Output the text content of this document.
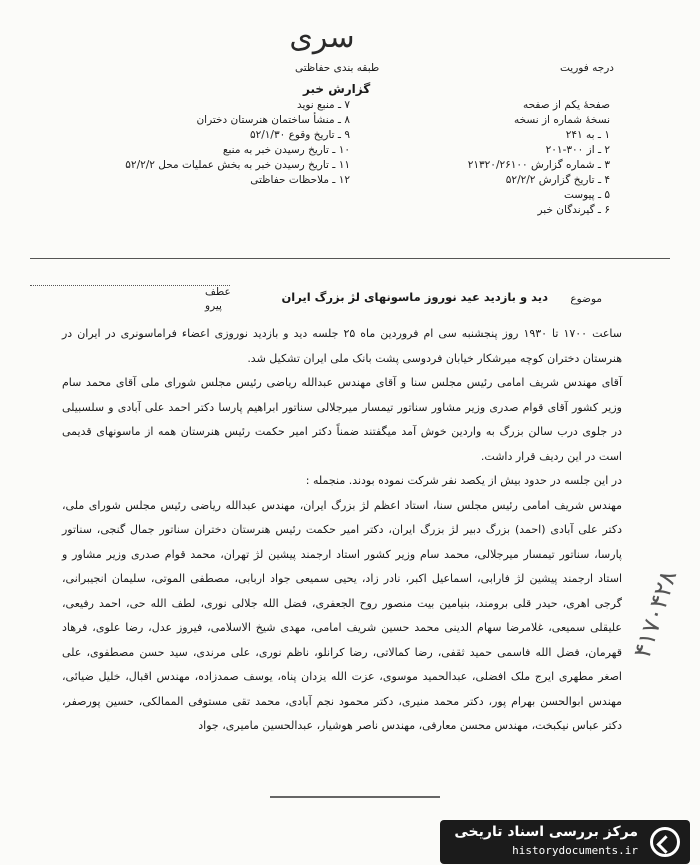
سری
طبقه بندی حفاظتی	درجه فوریت
گزارش خبر
صفحهٔ یکم از صفحه
نسخهٔ شماره از نسخه
۱ ـ به ۲۴۱
۲ ـ از ۳۰۰-۲۰۱
۳ ـ شماره گزارش ۲۱۳۲۰/۲۶۱۰۰
۴ ـ تاریخ گزارش ۵۲/۲/۲
۵ ـ پیوست
۶ ـ گیرندگان خبر
۷ ـ منبع نوید
۸ ـ منشأ ساختمان هنرستان دختران
۹ ـ تاریخ وقوع ۵۲/۱/۳۰
۱۰ ـ تاریخ رسیدن خبر به منبع
۱۱ ـ تاریخ رسیدن خبر به بخش عملیات محل ۵۲/۲/۲
۱۲ ـ ملاحظات حفاظتی
عطف
پیرو
موضوع
دید و بازدید عید نوروز ماسونهای لژ بزرگ ایران

ساعت ۱۷۰۰ تا ۱۹۳۰ روز پنجشنبه سی ام فروردین ماه ۲۵ جلسه دید و بازدید نوروزی اعضاء فراماسونری در ایران در هنرستان دختران کوچه میرشکار خیابان فردوسی پشت بانک ملی ایران تشکیل شد.

آقای مهندس شریف امامی رئیس مجلس سنا و آقای مهندس عبدالله ریاضی رئیس مجلس شورای ملی آقای محمد سام وزیر کشور آقای قوام صدری وزیر مشاور سناتور تیمسار میرجلالی سناتور ابراهیم پارسا دکتر احمد علی آبادی و سلسبیلی در جلوی درب سالن بزرگ به واردین خوش آمد میگفتند ضمناً دکتر امیر حکمت رئیس هنرستان همه از ماسونهای قدیمی است در این ردیف قرار داشت.

در این جلسه در حدود بیش از یکصد نفر شرکت نموده بودند. منجمله :

مهندس شریف امامی رئیس مجلس سنا، استاد اعظم لژ بزرگ ایران، مهندس عبدالله ریاضی رئیس مجلس شورای ملی، دکتر علی آبادی (احمد) بزرگ دبیر لژ بزرگ ایران، دکتر امیر حکمت رئیس هنرستان دختران سناتور جمال گنجی، سناتور پارسا، سناتور تیمسار میرجلالی، محمد سام وزیر کشور استاد ارجمند پیشین لژ تهران، محمد قوام صدری وزیر مشاور و استاد ارجمند پیشین لژ فارابی، اسماعیل اکبر، نادر زاد، یحیی سمیعی جواد اربابی، مصطفی الموتی، سلیمان انجیبرانی، گرجی اهری، حیدر قلی برومند، بنیامین بیت منصور روح الجعفری، فضل الله جلالی نوری، لطف الله حی، احمد رفیعی، علیقلی سمیعی، غلامرضا سهام الدینی محمد حسین شریف امامی، مهدی شیخ الاسلامی، فیروز عدل، رضا علوی، فرهاد قهرمان، فضل الله فاسمی حمید ثقفی، رضا کمالاتی، رضا کرانلو، ناظم نوری، علی مرندی، سید حسن مصطفوی، علی اصغر مطهری ایرج ملک افضلی، عبدالحمید موسوی، عزت الله یزدان پناه، یوسف صمدزاده، مهندس اقبال، خلیل ضیائی، مهندس ابوالحسن بهرام پور، دکتر محمد منیری، دکتر محمود نجم آبادی، محمد تقی مستوفی الممالکی، حسین پورصفر، دکتر عباس نیکبخت، مهندس محسن معارفی، مهندس ناصر هوشیار، عبدالحسین مامیری، جواد

۴۱۷۰۴۲۸
مرکز بررسی اسناد تاریخی
historydocuments.ir
